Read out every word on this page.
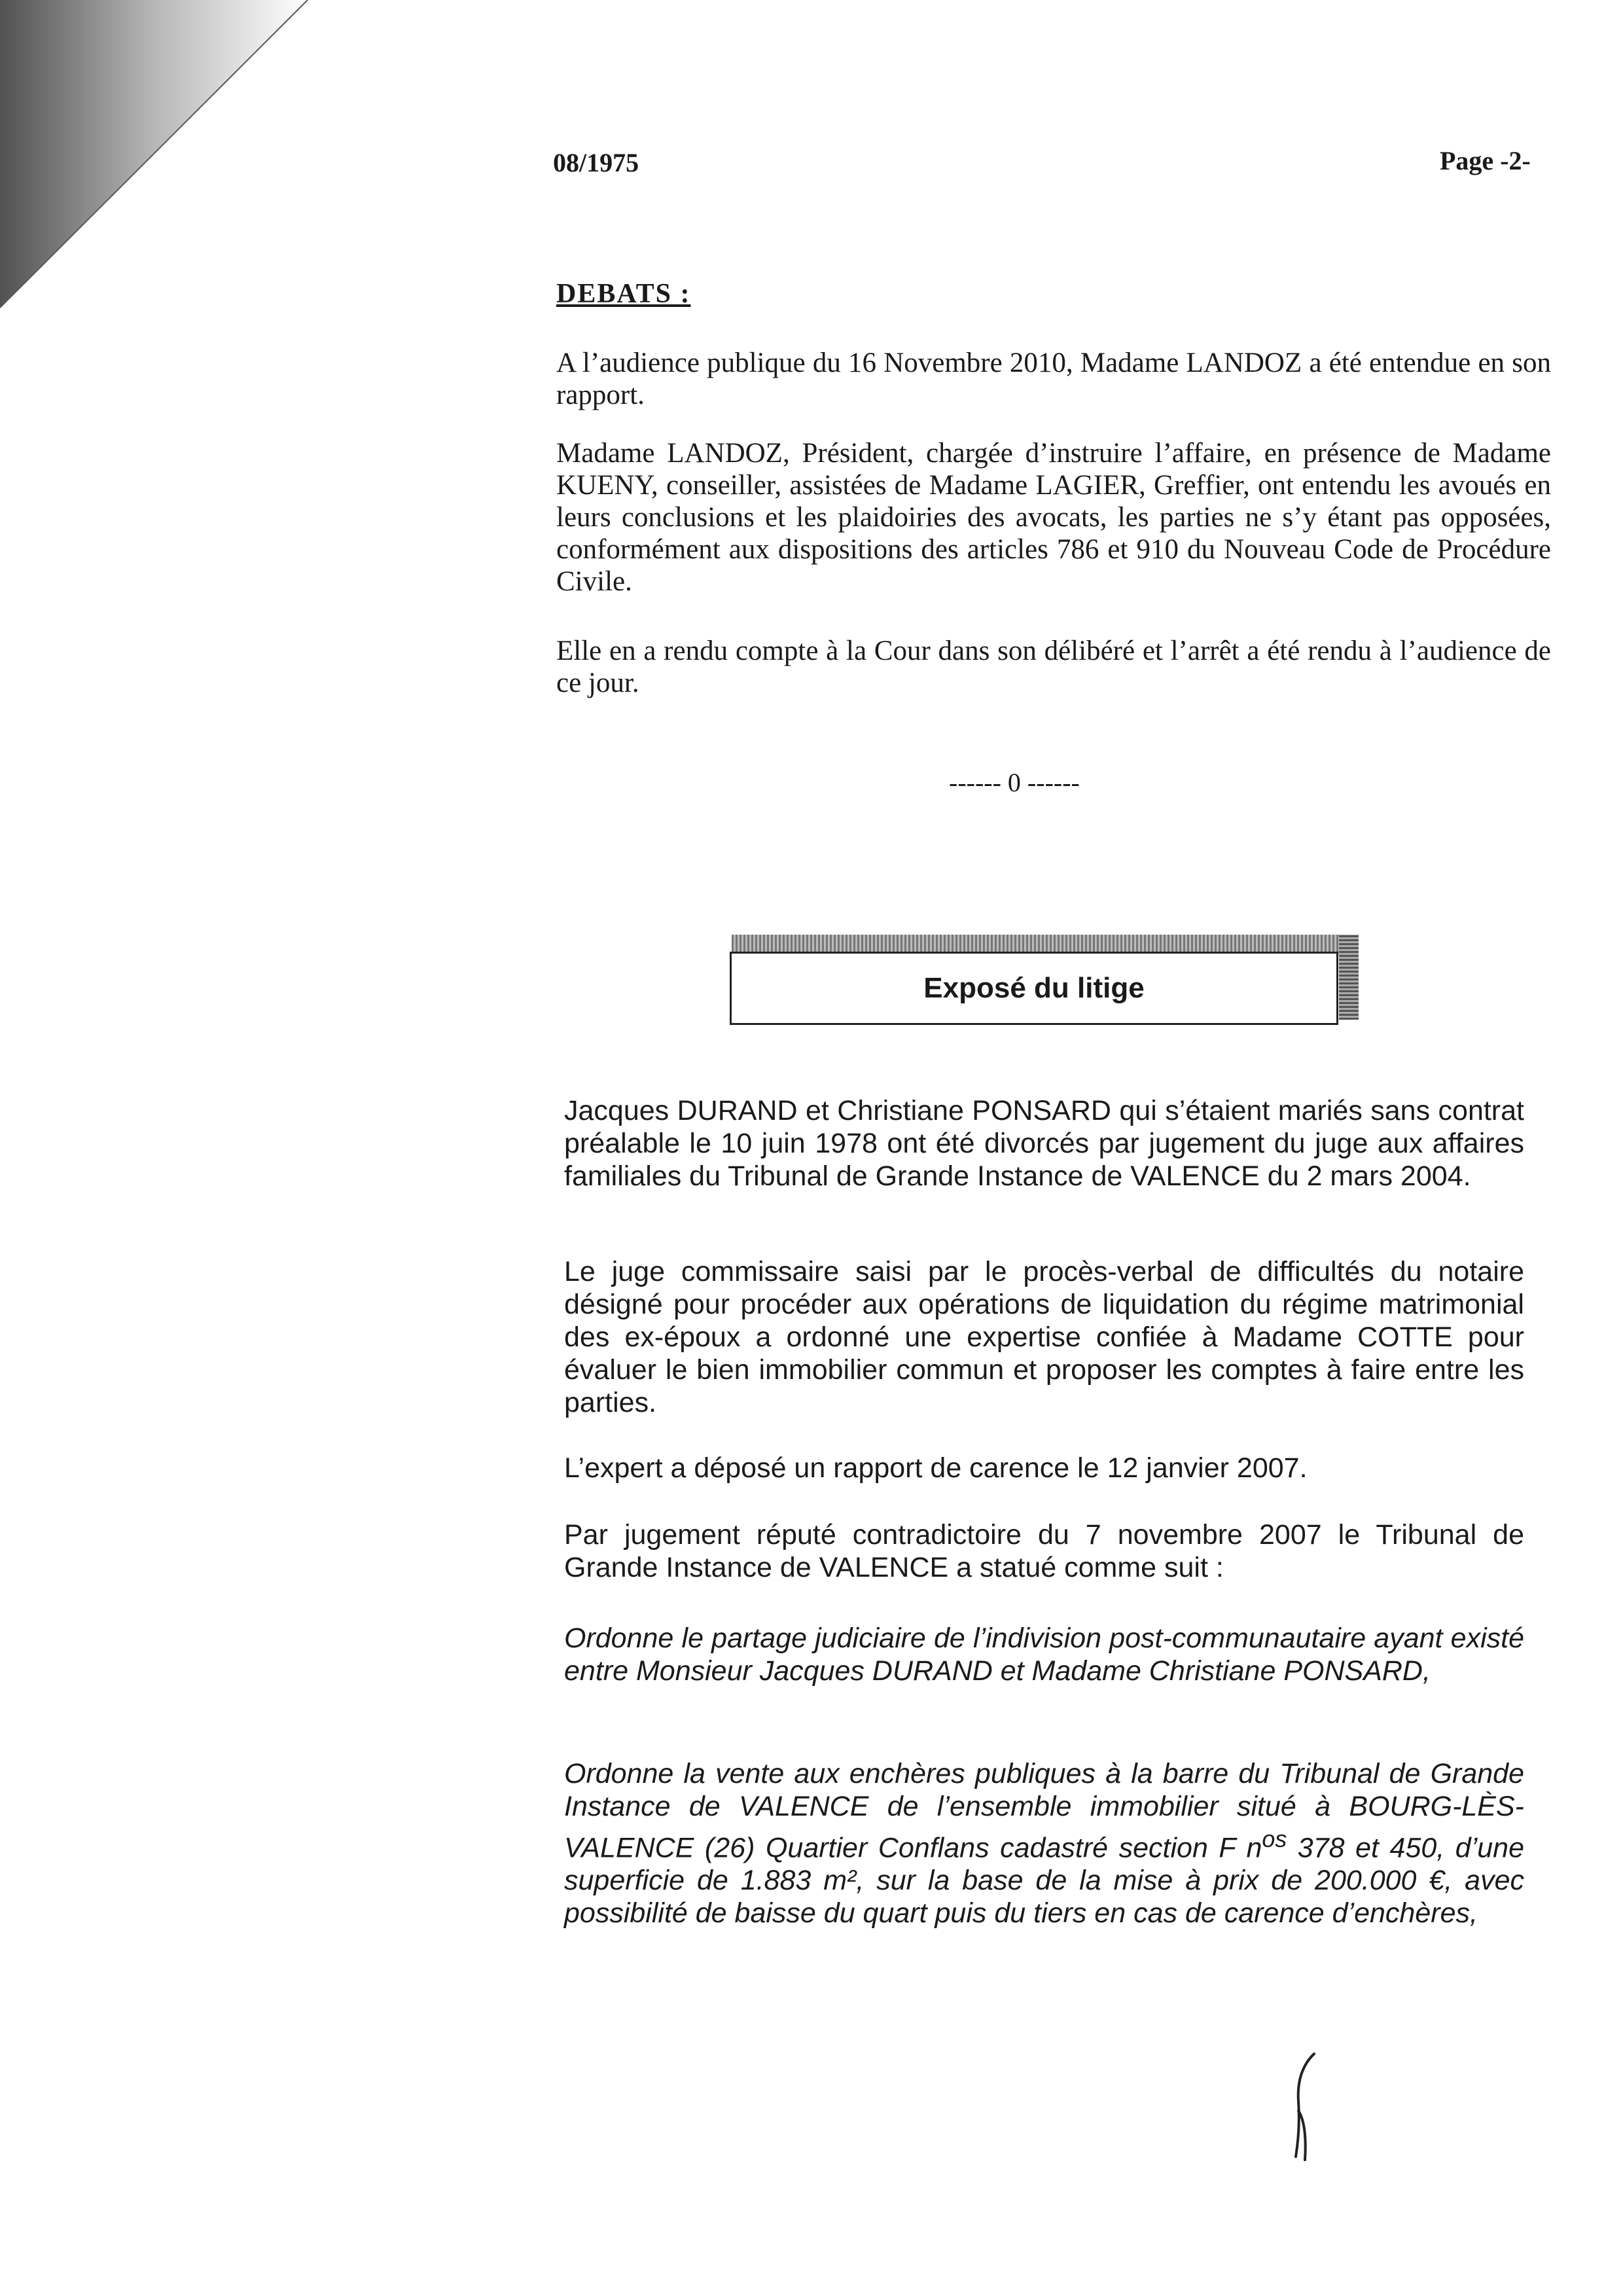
08/1975	Page -2-
DEBATS :
A l’audience publique du 16 Novembre 2010, Madame LANDOZ a été entendue en son rapport.
Madame LANDOZ, Président, chargée d’instruire l’affaire, en présence de Madame KUENY, conseiller, assistées de Madame LAGIER, Greffier, ont entendu les avoués en leurs conclusions et les plaidoiries des avocats, les parties ne s’y étant pas opposées, conformément aux dispositions des articles 786 et 910 du Nouveau Code de Procédure Civile.
Elle en a rendu compte à la Cour dans son délibéré et l’arrêt a été rendu à l’audience de ce jour.
------ 0 ------
Exposé du litige
Jacques DURAND et Christiane PONSARD qui s’étaient mariés sans contrat préalable le 10 juin 1978 ont été divorcés par jugement du juge aux affaires familiales du Tribunal de Grande Instance de VALENCE du 2 mars 2004.
Le juge commissaire saisi par le procès-verbal de difficultés du notaire désigné pour procéder aux opérations de liquidation du régime matrimonial des ex-époux a ordonné une expertise confiée à Madame COTTE pour évaluer le bien immobilier commun et proposer les comptes à faire entre les parties.
L’expert a déposé un rapport de carence le 12 janvier 2007.
Par jugement réputé contradictoire du 7 novembre 2007 le Tribunal de Grande Instance de VALENCE a statué comme suit :
Ordonne le partage judiciaire de l’indivision post-communautaire ayant existé entre Monsieur Jacques DURAND et Madame Christiane PONSARD,
Ordonne la vente aux enchères publiques à la barre du Tribunal de Grande Instance de VALENCE de l’ensemble immobilier situé à BOURG-LÈS-VALENCE (26) Quartier Conflans cadastré section F $n^{os}$ 378 et 450, d’une superficie de 1.883 m², sur la base de la mise à prix de 200.000 €, avec possibilité de baisse du quart puis du tiers en cas de carence d’enchères,
